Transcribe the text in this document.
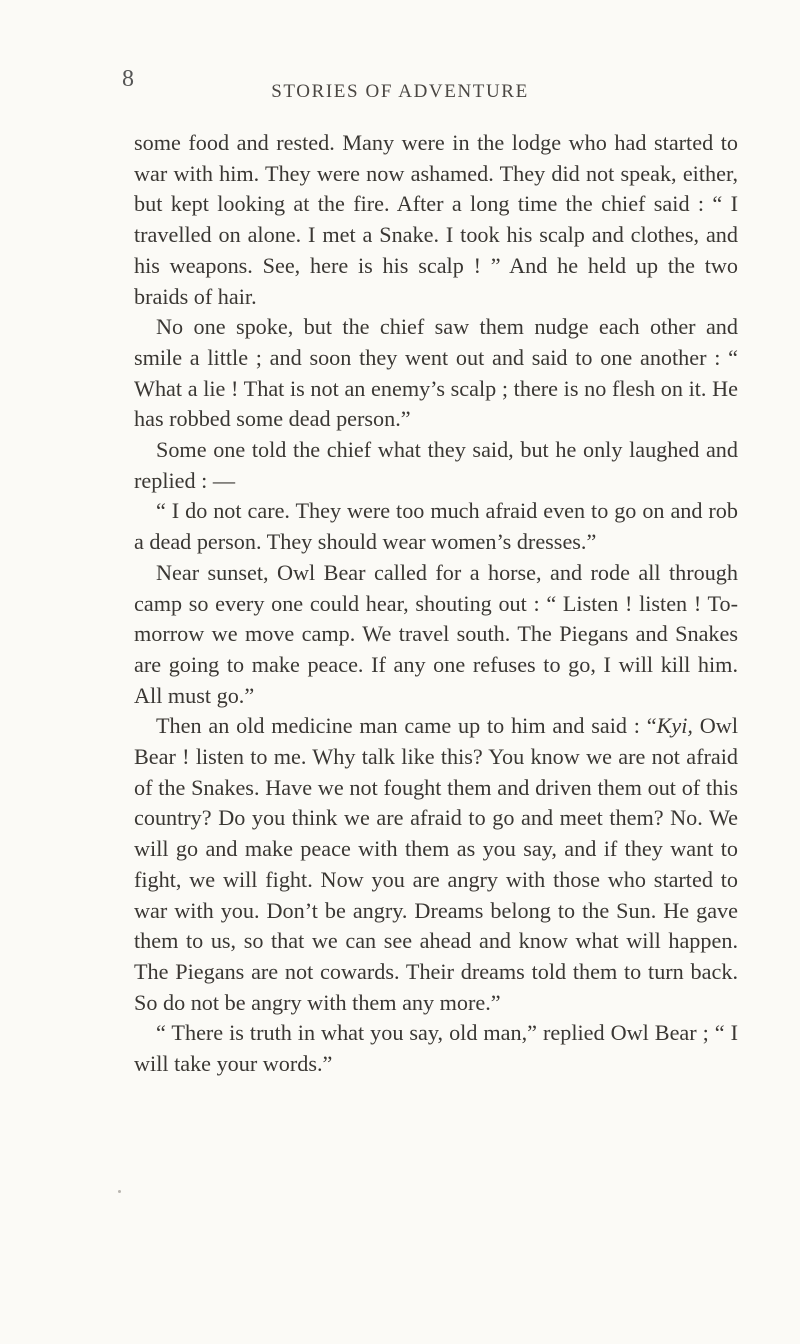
8	STORIES OF ADVENTURE

some food and rested. Many were in the lodge who had started to war with him. They were now ashamed. They did not speak, either, but kept looking at the fire. After a long time the chief said : “ I travelled on alone. I met a Snake. I took his scalp and clothes, and his weapons. See, here is his scalp ! ” And he held up the two braids of hair.

No one spoke, but the chief saw them nudge each other and smile a little ; and soon they went out and said to one another : “ What a lie ! That is not an enemy’s scalp ; there is no flesh on it. He has robbed some dead person.”

Some one told the chief what they said, but he only laughed and replied : —

“ I do not care. They were too much afraid even to go on and rob a dead person. They should wear women’s dresses.”

Near sunset, Owl Bear called for a horse, and rode all through camp so every one could hear, shouting out : “ Listen ! listen ! To-morrow we move camp. We travel south. The Piegans and Snakes are going to make peace. If any one refuses to go, I will kill him. All must go.”

Then an old medicine man came up to him and said : “Kyi, Owl Bear ! listen to me. Why talk like this? You know we are not afraid of the Snakes. Have we not fought them and driven them out of this country? Do you think we are afraid to go and meet them? No. We will go and make peace with them as you say, and if they want to fight, we will fight. Now you are angry with those who started to war with you. Don’t be angry. Dreams belong to the Sun. He gave them to us, so that we can see ahead and know what will happen. The Piegans are not cowards. Their dreams told them to turn back. So do not be angry with them any more.”

“ There is truth in what you say, old man,” replied Owl Bear ; “ I will take your words.”
